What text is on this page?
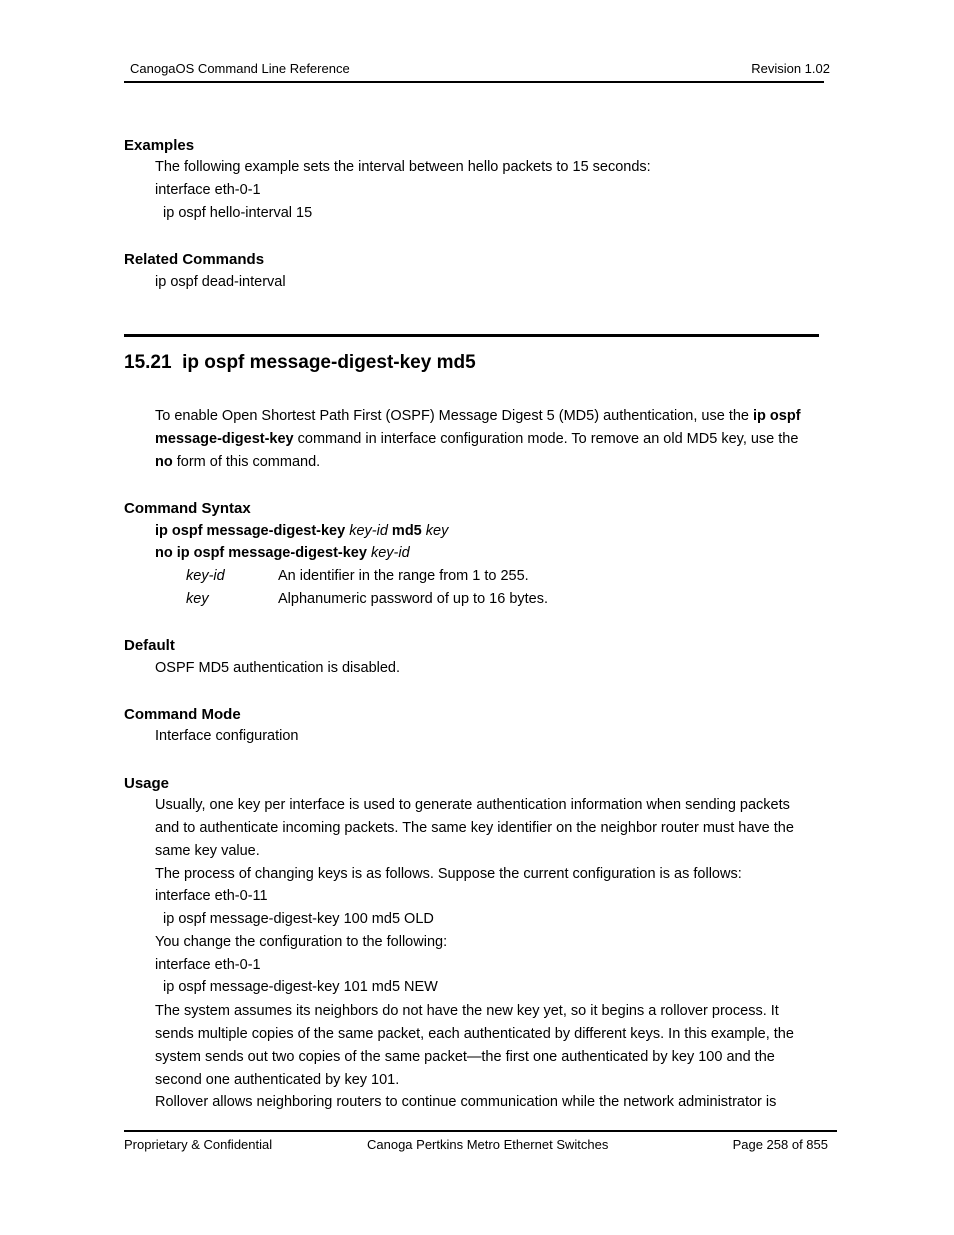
CanogaOS Command Line Reference	Revision 1.02
Examples
The following example sets the interval between hello packets to 15 seconds:
interface eth-0-1
ip ospf hello-interval 15
Related Commands
ip ospf dead-interval
15.21 ip ospf message-digest-key md5
To enable Open Shortest Path First (OSPF) Message Digest 5 (MD5) authentication, use the ip ospf
message-digest-key command in interface configuration mode. To remove an old MD5 key, use the
no form of this command.
Command Syntax
ip ospf message-digest-key key-id md5 key
no ip ospf message-digest-key key-id
key-id	An identifier in the range from 1 to 255.
key	Alphanumeric password of up to 16 bytes.
Default
OSPF MD5 authentication is disabled.
Command Mode
Interface configuration
Usage
Usually, one key per interface is used to generate authentication information when sending packets
and to authenticate incoming packets. The same key identifier on the neighbor router must have the
same key value.
The process of changing keys is as follows. Suppose the current configuration is as follows:
interface eth-0-11
ip ospf message-digest-key 100 md5 OLD
You change the configuration to the following:
interface eth-0-1
ip ospf message-digest-key 101 md5 NEW
The system assumes its neighbors do not have the new key yet, so it begins a rollover process. It
sends multiple copies of the same packet, each authenticated by different keys. In this example, the
system sends out two copies of the same packet—the first one authenticated by key 100 and the
second one authenticated by key 101.
Rollover allows neighboring routers to continue communication while the network administrator is
Proprietary & Confidential	Canoga Pertkins Metro Ethernet Switches	Page 258 of 855
